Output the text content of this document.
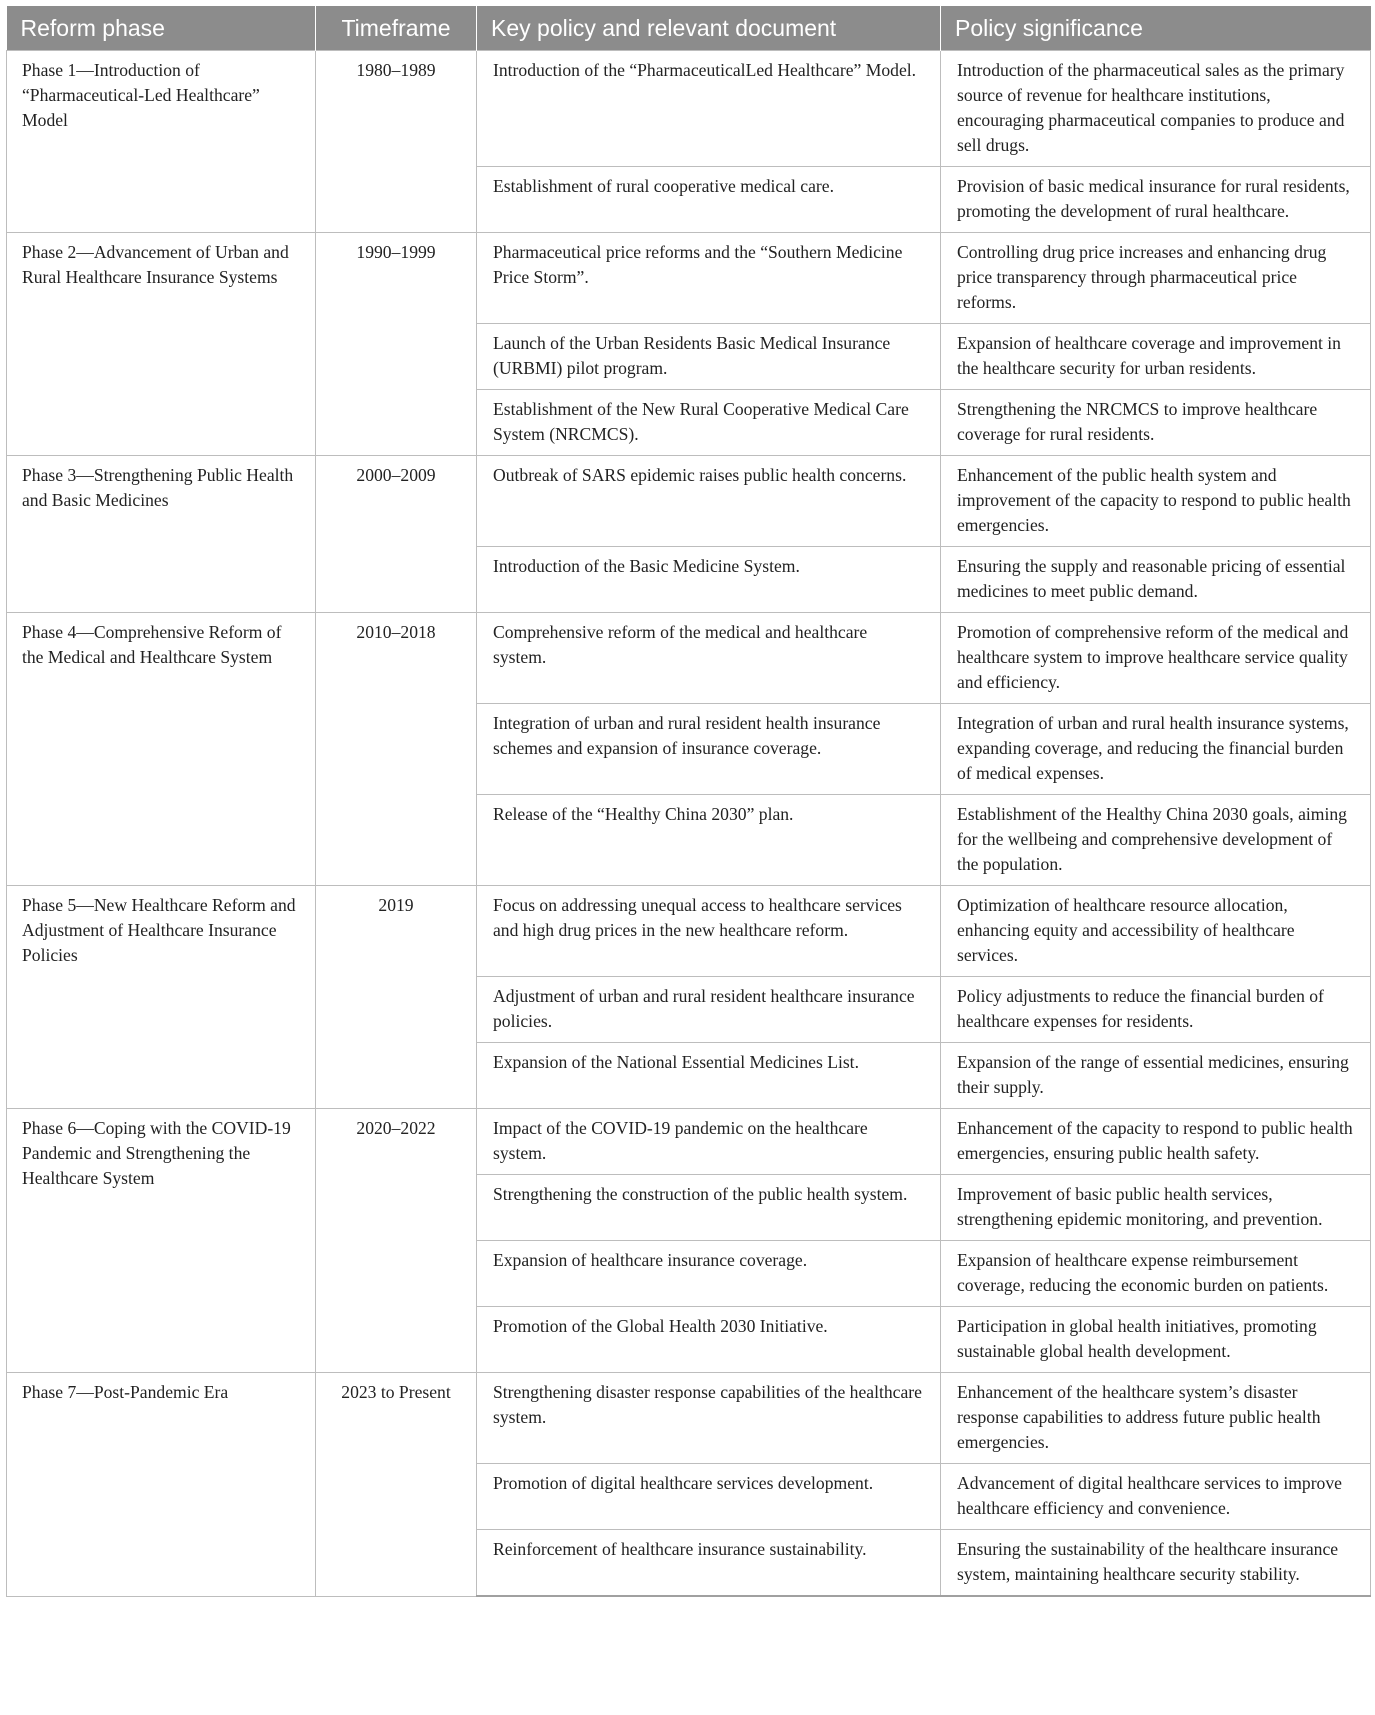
Reform phase	Timeframe	Key policy and relevant document	Policy significance
Phase 1—Introduction of “Pharmaceutical-Led Healthcare” Model	1980–1989	Introduction of the “PharmaceuticalLed Healthcare” Model.	Introduction of the pharmaceutical sales as the primary source of revenue for healthcare institutions, encouraging pharmaceutical companies to produce and sell drugs.
		Establishment of rural cooperative medical care.	Provision of basic medical insurance for rural residents, promoting the development of rural healthcare.
Phase 2—Advancement of Urban and Rural Healthcare Insurance Systems	1990–1999	Pharmaceutical price reforms and the “Southern Medicine Price Storm”.	Controlling drug price increases and enhancing drug price transparency through pharmaceutical price reforms.
		Launch of the Urban Residents Basic Medical Insurance (URBMI) pilot program.	Expansion of healthcare coverage and improvement in the healthcare security for urban residents.
		Establishment of the New Rural Cooperative Medical Care System (NRCMCS).	Strengthening the NRCMCS to improve healthcare coverage for rural residents.
Phase 3—Strengthening Public Health and Basic Medicines	2000–2009	Outbreak of SARS epidemic raises public health concerns.	Enhancement of the public health system and improvement of the capacity to respond to public health emergencies.
		Introduction of the Basic Medicine System.	Ensuring the supply and reasonable pricing of essential medicines to meet public demand.
Phase 4—Comprehensive Reform of the Medical and Healthcare System	2010–2018	Comprehensive reform of the medical and healthcare system.	Promotion of comprehensive reform of the medical and healthcare system to improve healthcare service quality and efficiency.
		Integration of urban and rural resident health insurance schemes and expansion of insurance coverage.	Integration of urban and rural health insurance systems, expanding coverage, and reducing the financial burden of medical expenses.
		Release of the “Healthy China 2030” plan.	Establishment of the Healthy China 2030 goals, aiming for the wellbeing and comprehensive development of the population.
Phase 5—New Healthcare Reform and Adjustment of Healthcare Insurance Policies	2019	Focus on addressing unequal access to healthcare services and high drug prices in the new healthcare reform.	Optimization of healthcare resource allocation, enhancing equity and accessibility of healthcare services.
		Adjustment of urban and rural resident healthcare insurance policies.	Policy adjustments to reduce the financial burden of healthcare expenses for residents.
		Expansion of the National Essential Medicines List.	Expansion of the range of essential medicines, ensuring their supply.
Phase 6—Coping with the COVID-19 Pandemic and Strengthening the Healthcare System	2020–2022	Impact of the COVID-19 pandemic on the healthcare system.	Enhancement of the capacity to respond to public health emergencies, ensuring public health safety.
		Strengthening the construction of the public health system.	Improvement of basic public health services, strengthening epidemic monitoring, and prevention.
		Expansion of healthcare insurance coverage.	Expansion of healthcare expense reimbursement coverage, reducing the economic burden on patients.
		Promotion of the Global Health 2030 Initiative.	Participation in global health initiatives, promoting sustainable global health development.
Phase 7—Post-Pandemic Era	2023 to Present	Strengthening disaster response capabilities of the healthcare system.	Enhancement of the healthcare system’s disaster response capabilities to address future public health emergencies.
		Promotion of digital healthcare services development.	Advancement of digital healthcare services to improve healthcare efficiency and convenience.
		Reinforcement of healthcare insurance sustainability.	Ensuring the sustainability of the healthcare insurance system, maintaining healthcare security stability.
